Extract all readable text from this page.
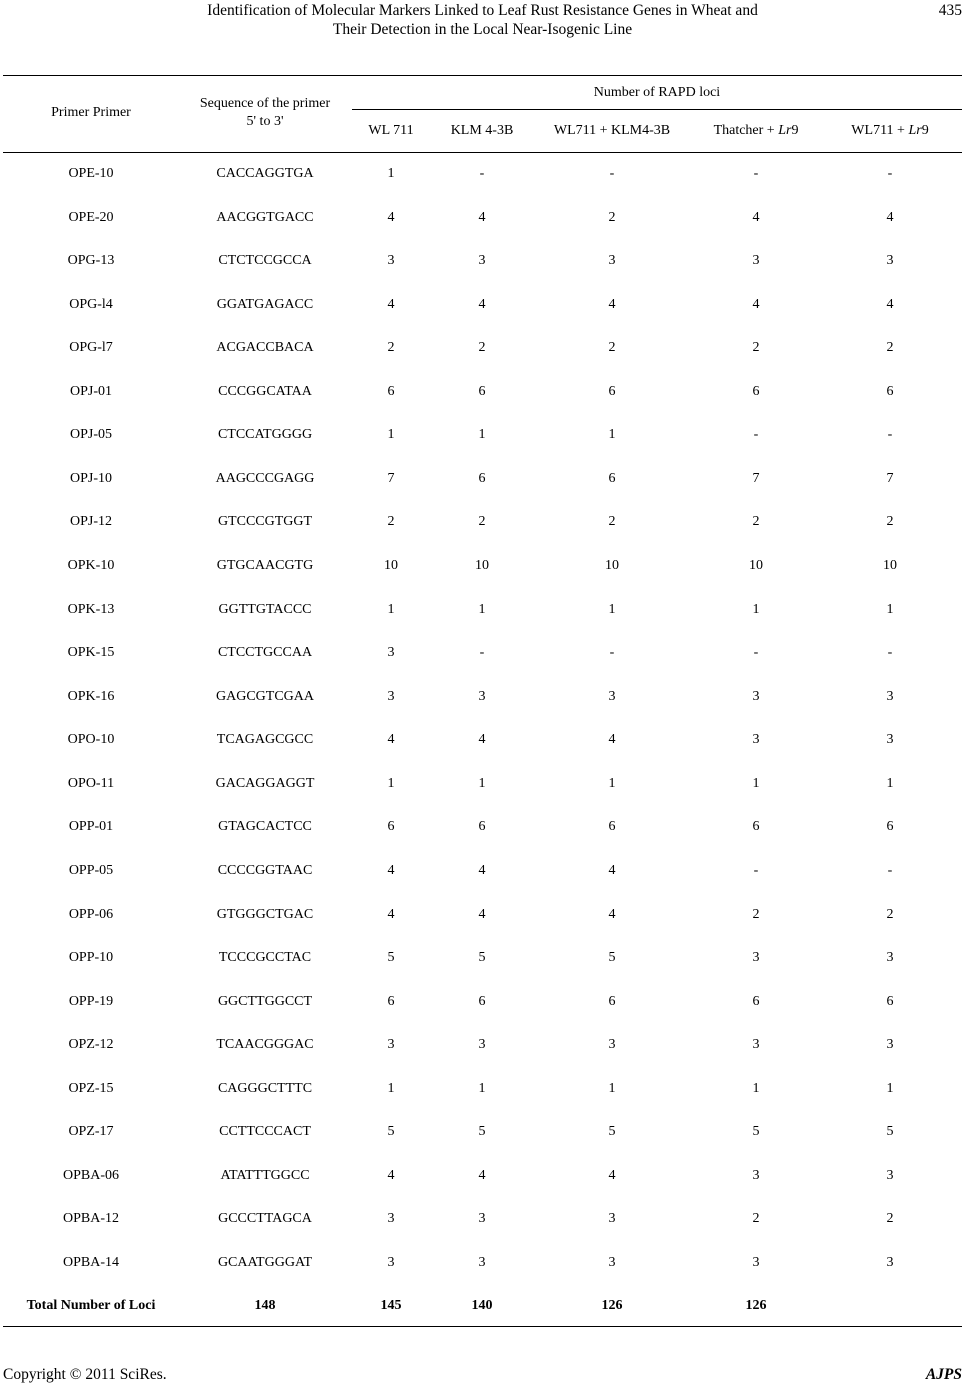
Identification of Molecular Markers Linked to Leaf Rust Resistance Genes in Wheat and
Their Detection in the Local Near-Isogenic Line
435
Primer Primer
Sequence of the primer
5' to 3'
Number of RAPD loci
WL 711	KLM 4-3B	WL711 + KLM4-3B	Thatcher + Lr9	WL711 + Lr9
OPE-10	CACCAGGTGA	1	-	-	-	-
OPE-20	AACGGTGACC	4	4	2	4	4
OPG-13	CTCTCCGCCA	3	3	3	3	3
OPG-l4	GGATGAGACC	4	4	4	4	4
OPG-l7	ACGACCBACA	2	2	2	2	2
OPJ-01	CCCGGCATAA	6	6	6	6	6
OPJ-05	CTCCATGGGG	1	1	1	-	-
OPJ-10	AAGCCCGAGG	7	6	6	7	7
OPJ-12	GTCCCGTGGT	2	2	2	2	2
OPK-10	GTGCAACGTG	10	10	10	10	10
OPK-13	GGTTGTACCC	1	1	1	1	1
OPK-15	CTCCTGCCAA	3	-	-	-	-
OPK-16	GAGCGTCGAA	3	3	3	3	3
OPO-10	TCAGAGCGCC	4	4	4	3	3
OPO-11	GACAGGAGGT	1	1	1	1	1
OPP-01	GTAGCACTCC	6	6	6	6	6
OPP-05	CCCCGGTAAC	4	4	4	-	-
OPP-06	GTGGGCTGAC	4	4	4	2	2
OPP-10	TCCCGCCTAC	5	5	5	3	3
OPP-19	GGCTTGGCCT	6	6	6	6	6
OPZ-12	TCAACGGGAC	3	3	3	3	3
OPZ-15	CAGGGCTTTC	1	1	1	1	1
OPZ-17	CCTTCCCACT	5	5	5	5	5
OPBA-06	ATATTTGGCC	4	4	4	3	3
OPBA-12	GCCCTTAGCA	3	3	3	2	2
OPBA-14	GCAATGGGAT	3	3	3	3	3
Total Number of Loci	148	145	140	126	126
Copyright © 2011 SciRes.	AJPS
